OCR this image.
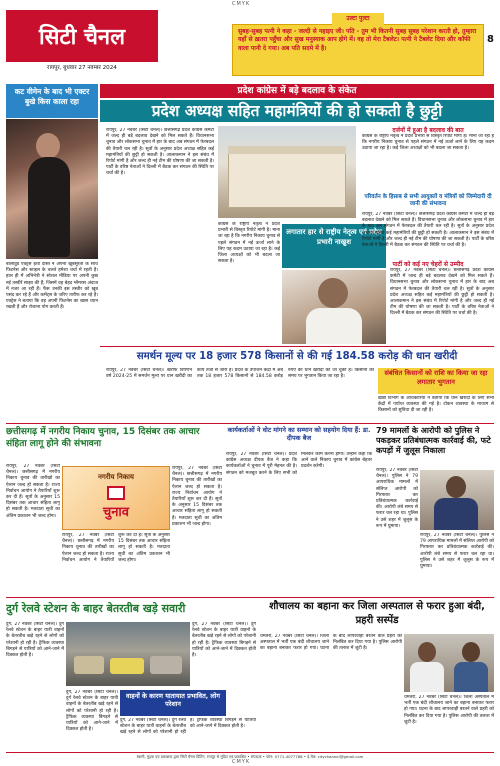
CMYK
सिटी चैनल
रायपुर, बुधवार 27 नवम्बर 2024
सुबह-सुबह पत्नी ने कहा - जल्दी से नहाइए जी। पति - तुम भी कितनी सुबह सुबह परेशान करती हो, तुम्हारा यहाँ से ख़तरा पहुँचा और सुख मनुस्याक आप होगे में। वह तो मेरा टैबलेट। पत्नी ने टैबलेट दिया और कॉफी वाला पानी दे गया। अब पति सदमे में है।
उल्टा पुल्टा
8
कट वीमेन के बाद भी एक्टर बुखे किस काला रहा
बॉलीवुड ऐक्ट्रेस ईशा दोस्त ने अपनी खूबसूरती के साथ फिटनेस और स्टाइल के चलते हमेशा चर्चा में रहती हैं। हाल ही में अभिनेत्री ने सोशल मीडिया पर अपनी कुछ नई तस्वीरें साझा की हैं, जिसमें वह बेहद ग्लैमरस अंदाज में नजर आ रही हैं। फैंस उनकी इस तस्वीर को खूब पसंद कर रहे हैं और कमेंट्स के जरिए तारीफ कर रहे हैं। एक्ट्रेस ने बताया कि वह अपनी फिटनेस का खास ध्यान रखती हैं और रोजाना योग करती हैं।
प्रदेश कांग्रेस में बड़े बदलाव के संकेत
प्रदेश अध्यक्ष सहित महामंत्रियों की हो सकती है छुट्टी
रायपुर, 27 नवंबर (सिटी चैनल)। छत्तीसगढ़ प्रदेश कांग्रेस कमेटी में जल्द ही बड़े बदलाव देखने को मिल सकते हैं। विधानसभा चुनाव और लोकसभा चुनाव में हार के बाद अब संगठन में फेरबदल की तैयारी चल रही है। सूत्रों के अनुसार प्रदेश अध्यक्ष सहित कई महामंत्रियों की छुट्टी हो सकती है। आलाकमान ने इस संबंध में रिपोर्ट मांगी है और जल्द ही नई टीम की घोषणा की जा सकती है। पार्टी के वरिष्ठ नेताओं ने दिल्ली में बैठक कर संगठन की स्थिति पर चर्चा की है।
कांग्रेस के राष्ट्रीय नेतृत्व ने प्रदेश प्रभारी से विस्तृत रिपोर्ट मांगी है। माना जा रहा है कि नगरीय निकाय चुनाव से पहले संगठन में नई ऊर्जा लाने के लिए यह कदम उठाया जा रहा है। कई जिला अध्यक्षों को भी बदला जा सकता है।
लगातार हार से राष्ट्रीय नेतृत्व एवं प्रदेश प्रभारी नाखुश
दर्जनों में हुआ है बदलाव की बात
कांग्रेस के राष्ट्रीय नेतृत्व ने प्रदेश प्रभारी से विस्तृत रिपोर्ट मांगी है। माना जा रहा है कि नगरीय निकाय चुनाव से पहले संगठन में नई ऊर्जा लाने के लिए यह कदम उठाया जा रहा है। कई जिला अध्यक्षों को भी बदला जा सकता है।
परिवर्तन के हिसाब से सभी आयुक्तों व मंत्रियों को जिम्मेदारी दी जानी की संभावना
रायपुर, 27 नवंबर (सिटी चैनल)। छत्तीसगढ़ प्रदेश कांग्रेस कमेटी में जल्द ही बड़े बदलाव देखने को मिल सकते हैं। विधानसभा चुनाव और लोकसभा चुनाव में हार के बाद अब संगठन में फेरबदल की तैयारी चल रही है। सूत्रों के अनुसार प्रदेश अध्यक्ष सहित कई महामंत्रियों की छुट्टी हो सकती है। आलाकमान ने इस संबंध में रिपोर्ट मांगी है और जल्द ही नई टीम की घोषणा की जा सकती है। पार्टी के वरिष्ठ नेताओं ने दिल्ली में बैठक कर संगठन की स्थिति पर चर्चा की है।
पार्टी को कई नए चेहरों से उम्मीद
रायपुर, 27 नवंबर (सिटी चैनल)। छत्तीसगढ़ प्रदेश कांग्रेस कमेटी में जल्द ही बड़े बदलाव देखने को मिल सकते हैं। विधानसभा चुनाव और लोकसभा चुनाव में हार के बाद अब संगठन में फेरबदल की तैयारी चल रही है। सूत्रों के अनुसार प्रदेश अध्यक्ष सहित कई महामंत्रियों की छुट्टी हो सकती है। आलाकमान ने इस संबंध में रिपोर्ट मांगी है और जल्द ही नई टीम की घोषणा की जा सकती है। पार्टी के वरिष्ठ नेताओं ने दिल्ली में बैठक कर संगठन की स्थिति पर चर्चा की है।
समर्थन मूल्य पर 18 हजार 578 किसानों से की गई 184.58 करोड़ की धान खरीदी
रायपुर, 27 नवंबर (सिटी चैनल)। खरीफ विपणन वर्ष 2024-25 में समर्थन मूल्य पर धान खरीदी का कार्य तेजी से जारी है। प्रदेश के उपार्जन केंद्रों में अब तक 18 हजार 578 किसानों से 184.58 करोड़ रुपए की धान खरीदी की जा चुकी है। किसानों को समय पर भुगतान किया जा रहा है।	संबंधित किसानों को राशि का किया जा रहा लगातार भुगतान
खाद्य विभाग के अधिकारियों ने बताया कि धान खरीदी के लिए सभी केंद्रों में पर्याप्त व्यवस्था की गई है। टोकन व्यवस्था के माध्यम से किसानों को सुविधा दी जा रही है।
छत्तीसगढ़ में नगरीय निकाय चुनाव, 15 दिसंबर तक आचार संहिता लागू होने की संभावना
रायपुर, 27 नवंबर (सिटी चैनल)। छत्तीसगढ़ में नगरीय निकाय चुनाव की तारीखों का ऐलान जल्द हो सकता है। राज्य निर्वाचन आयोग ने तैयारियाँ शुरू कर दी हैं। सूत्रों के अनुसार 15 दिसंबर तक आचार संहिता लागू हो सकती है। मतदाता सूची का अंतिम प्रकाशन भी जल्द होगा।
नगरीय निकाय
चुनाव
रायपुर, 27 नवंबर (सिटी चैनल)। छत्तीसगढ़ में नगरीय निकाय चुनाव की तारीखों का ऐलान जल्द हो सकता है। राज्य निर्वाचन आयोग ने तैयारियाँ शुरू कर दी हैं। सूत्रों के अनुसार 15 दिसंबर तक आचार संहिता लागू हो सकती है। मतदाता सूची का अंतिम प्रकाशन भी जल्द होगा।
रायपुर, 27 नवंबर (सिटी चैनल)। छत्तीसगढ़ में नगरीय निकाय चुनाव की तारीखों का ऐलान जल्द हो सकता है। राज्य निर्वाचन आयोग ने तैयारियाँ शुरू कर दी हैं। सूत्रों के अनुसार 15 दिसंबर तक आचार संहिता लागू हो सकती है। मतदाता सूची का अंतिम प्रकाशन भी जल्द होगा।
कार्यकर्ताओं ने वोट मांगने का सम्मान को सहयोग दिया हैं: डा. दीपक बैज
रायपुर, 27 नवंबर (सिटी चैनल)। प्रदेश कांग्रेस अध्यक्ष दीपक बैज ने कहा कि कार्यकर्ताओं ने चुनाव में पूरी मेहनत की है। संगठन को मजबूत करने के लिए सभी को मिलकर काम करना होगा। उन्होंने कहा कि आने वाले निकाय चुनाव में कांग्रेस बेहतर प्रदर्शन करेगी।
79 मामलों के आरोपी को पुलिस ने पकड़कर प्रतिबंधात्मक कार्रवाई की, फटे कपड़ों में जुलूस निकाला
रायपुर, 27 नवंबर (सिटी चैनल)। पुलिस ने 79 आपराधिक मामलों में संलिप्त आरोपी को गिरफ्तार कर प्रतिबंधात्मक कार्रवाई की। आरोपी लंबे समय से फरार चल रहा था। पुलिस ने उसे शहर में जुलूस के रूप में घुमाया।
रायपुर, 27 नवंबर (सिटी चैनल)। पुलिस ने 79 आपराधिक मामलों में संलिप्त आरोपी को गिरफ्तार कर प्रतिबंधात्मक कार्रवाई की। आरोपी लंबे समय से फरार चल रहा था। पुलिस ने उसे शहर में जुलूस के रूप में घुमाया।
दुर्ग रेलवे स्टेशन के बाहर बेतरतीब खड़े सवारी
दुर्ग, 27 नवंबर (सिटी चैनल)। दुर्ग रेलवे स्टेशन के बाहर यात्री वाहनों के बेतरतीब खड़े रहने से लोगों को परेशानी हो रही है। ट्रैफिक व्यवस्था बिगड़ने से यात्रियों को आने-जाने में दिक्कत होती है।
वाहनों के कारण यातायात प्रभावित, लोग परेशान
दुर्ग, 27 नवंबर (सिटी चैनल)। दुर्ग रेलवे स्टेशन के बाहर यात्री वाहनों के बेतरतीब खड़े रहने से लोगों को परेशानी हो रही है। ट्रैफिक व्यवस्था बिगड़ने से यात्रियों को आने-जाने में दिक्कत होती है।
दुर्ग, 27 नवंबर (सिटी चैनल)। दुर्ग रेलवे स्टेशन के बाहर यात्री वाहनों के बेतरतीब खड़े रहने से लोगों को परेशानी हो रही है। ट्रैफिक व्यवस्था बिगड़ने से यात्रियों को आने-जाने में दिक्कत होती है।
दुर्ग, 27 नवंबर (सिटी चैनल)। दुर्ग रेलवे स्टेशन के बाहर यात्री वाहनों के बेतरतीब खड़े रहने से लोगों को परेशानी हो रही है। ट्रैफिक व्यवस्था बिगड़ने से यात्रियों को आने-जाने में दिक्कत होती है।
शौचालय का बहाना कर जिला अस्पताल से फरार हुआ बंदी, प्रहरी सस्पेंड
धमतरी, 27 नवंबर (सिटी चैनल)। जिला अस्पताल में भर्ती एक बंदी शौचालय जाने का बहाना बनाकर फरार हो गया। घटना के बाद लापरवाही बरतने वाले प्रहरी को निलंबित कर दिया गया है। पुलिस आरोपी की तलाश में जुटी है।
धमतरी, 27 नवंबर (सिटी चैनल)। जिला अस्पताल में भर्ती एक बंदी शौचालय जाने का बहाना बनाकर फरार हो गया। घटना के बाद लापरवाही बरतने वाले प्रहरी को निलंबित कर दिया गया है। पुलिस आरोपी की तलाश में जुटी है।
स्वामी, मुद्रक एवं प्रकाशक द्वारा सिटी चैनल प्रिंटिंग, रायपुर से मुद्रित एवं प्रकाशित • संपादक • फोन: 0771-4077788 • ई-मेल: citychannel@gmail.com
CMYK
